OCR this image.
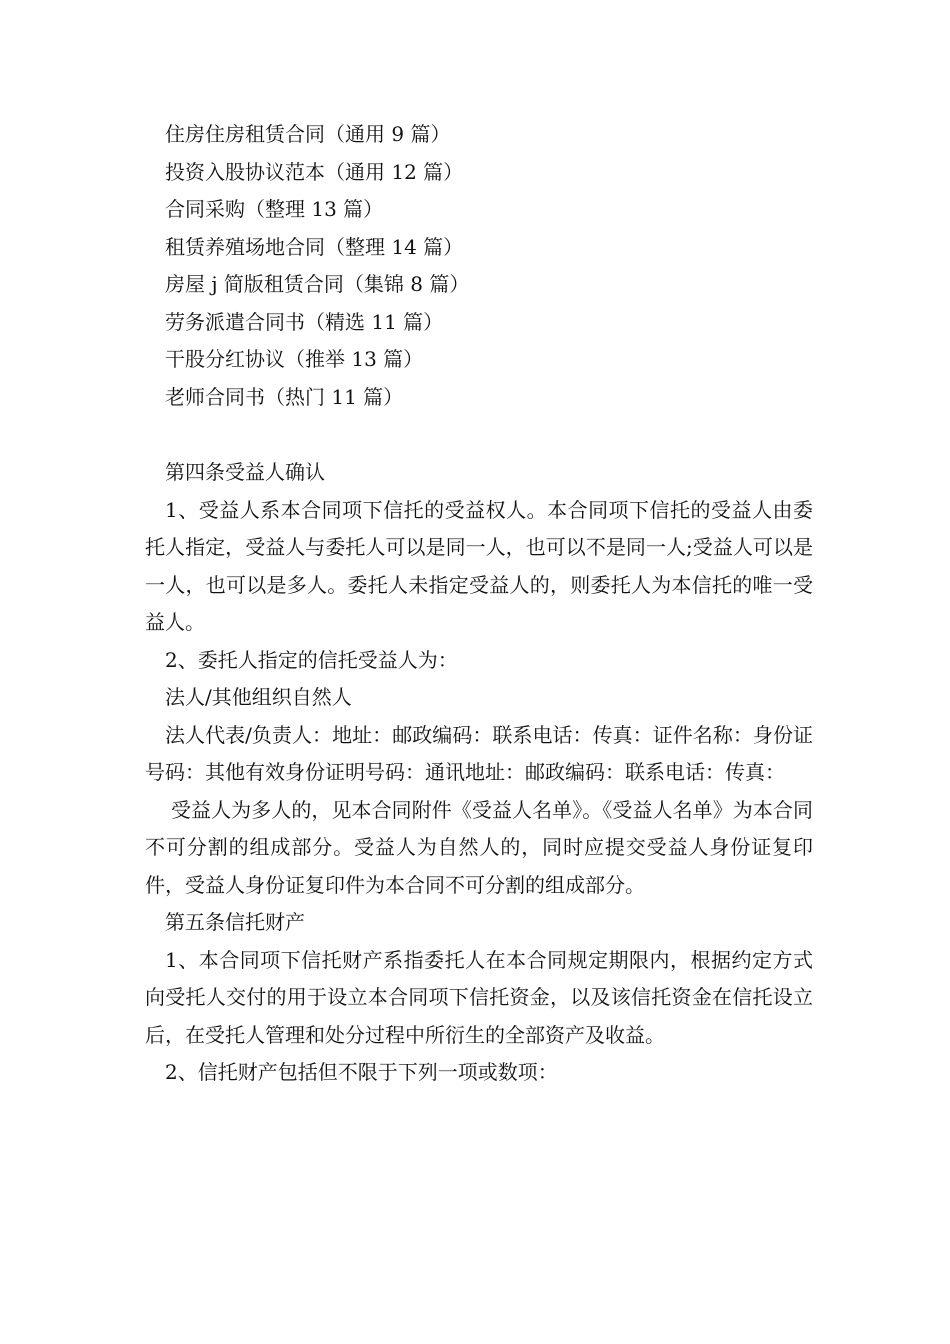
住房住房租赁合同（通用 9 篇）
投资入股协议范本（通用 12 篇）
合同采购（整理 13 篇）
租赁养殖场地合同（整理 14 篇）
房屋 j 简版租赁合同（集锦 8 篇）
劳务派遣合同书（精选 11 篇）
干股分红协议（推举 13 篇）
老师合同书（热门 11 篇）

第四条受益人确认

1、受益人系本合同项下信托的受益权人。本合同项下信托的受益人由委托人指定，受益人与委托人可以是同一人，也可以不是同一人;受益人可以是一人，也可以是多人。委托人未指定受益人的，则委托人为本信托的唯一受益人。

2、委托人指定的信托受益人为：

法人/其他组织自然人

法人代表/负责人：地址：邮政编码：联系电话：传真：证件名称：身份证号码：其他有效身份证明号码：通讯地址：邮政编码：联系电话：传真：

受益人为多人的，见本合同附件《受益人名单》。《受益人名单》为本合同不可分割的组成部分。受益人为自然人的，同时应提交受益人身份证复印件，受益人身份证复印件为本合同不可分割的组成部分。

第五条信托财产

1、本合同项下信托财产系指委托人在本合同规定期限内，根据约定方式向受托人交付的用于设立本合同项下信托资金，以及该信托资金在信托设立后，在受托人管理和处分过程中所衍生的全部资产及收益。

2、信托财产包括但不限于下列一项或数项：
